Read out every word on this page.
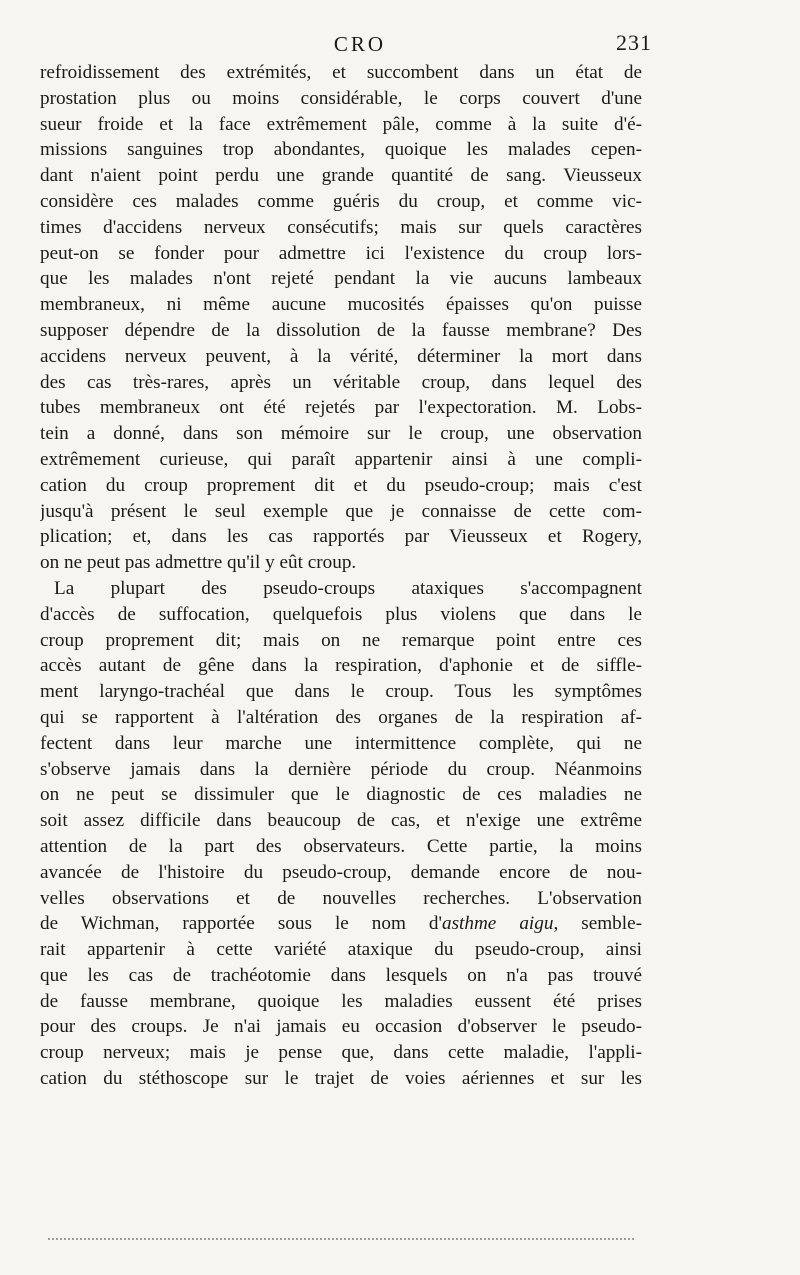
CRO	231
refroidissement des extrémités, et succombent dans un état de
prostation plus ou moins considérable, le corps couvert d'une
sueur froide et la face extrêmement pâle, comme à la suite d'é-
missions sanguines trop abondantes, quoique les malades cepen-
dant n'aient point perdu une grande quantité de sang. Vieusseux
considère ces malades comme guéris du croup, et comme vic-
times d'accidens nerveux consécutifs; mais sur quels caractères
peut-on se fonder pour admettre ici l'existence du croup lors-
que les malades n'ont rejeté pendant la vie aucuns lambeaux
membraneux, ni même aucune mucosités épaisses qu'on puisse
supposer dépendre de la dissolution de la fausse membrane? Des
accidens nerveux peuvent, à la vérité, déterminer la mort dans
des cas très-rares, après un véritable croup, dans lequel des
tubes membraneux ont été rejetés par l'expectoration. M. Lobs-
tein a donné, dans son mémoire sur le croup, une observation
extrêmement curieuse, qui paraît appartenir ainsi à une compli-
cation du croup proprement dit et du pseudo-croup; mais c'est
jusqu'à présent le seul exemple que je connaisse de cette com-
plication; et, dans les cas rapportés par Vieusseux et Rogery,
on ne peut pas admettre qu'il y eût croup.
La plupart des pseudo-croups ataxiques s'accompagnent
d'accès de suffocation, quelquefois plus violens que dans le
croup proprement dit; mais on ne remarque point entre ces
accès autant de gêne dans la respiration, d'aphonie et de siffle-
ment laryngo-trachéal que dans le croup. Tous les symptômes
qui se rapportent à l'altération des organes de la respiration af-
fectent dans leur marche une intermittence complète, qui ne
s'observe jamais dans la dernière période du croup. Néanmoins
on ne peut se dissimuler que le diagnostic de ces maladies ne
soit assez difficile dans beaucoup de cas, et n'exige une extrême
attention de la part des observateurs. Cette partie, la moins
avancée de l'histoire du pseudo-croup, demande encore de nou-
velles observations et de nouvelles recherches. L'observation
de Wichman, rapportée sous le nom d'asthme aigu, semble-
rait appartenir à cette variété ataxique du pseudo-croup, ainsi
que les cas de trachéotomie dans lesquels on n'a pas trouvé
de fausse membrane, quoique les maladies eussent été prises
pour des croups. Je n'ai jamais eu occasion d'observer le pseudo-
croup nerveux; mais je pense que, dans cette maladie, l'appli-
cation du stéthoscope sur le trajet de voies aériennes et sur les
